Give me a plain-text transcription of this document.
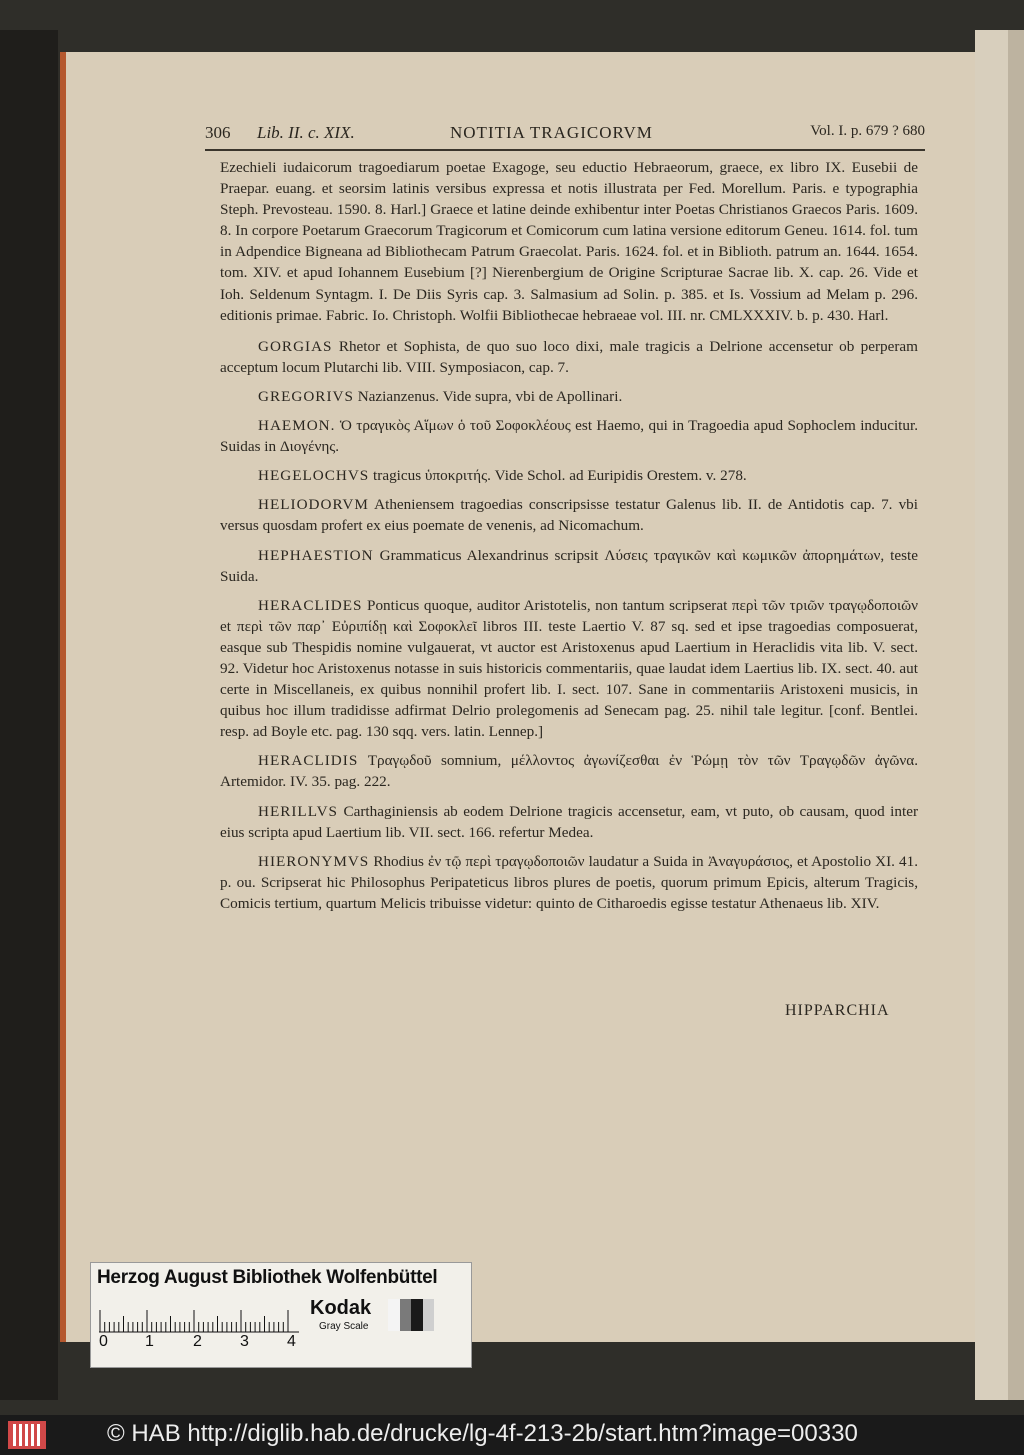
306 Lib. II. c. XIX.	NOTITIA TRAGICORVM	Vol. I. p. 679 ? 680

Ezechieli iudaicorum tragoediarum poetae Exagoge, seu eductio Hebraeorum, graece, ex libro IX. Eusebii de Praepar. euang. et seorsim latinis versibus expressa et notis illustrata per Fed. Morellum. Paris. e typographia Steph. Prevosteau. 1590. 8. Harl.] Graece et latine deinde exhibentur inter Poetas Christianos Graecos Paris. 1609. 8. In corpore Poetarum Graecorum Tragicorum et Comicorum cum latina versione editorum Geneu. 1614. fol. tum in Adpendice Bigneana ad Bibliothecam Patrum Graecolat. Paris. 1624. fol. et in Biblioth. patrum an. 1644. 1654. tom. XIV. et apud Iohannem Eusebium [?] Nierenbergium de Origine Scripturae Sacrae lib. X. cap. 26. Vide et Ioh. Seldenum Syntagm. I. De Diis Syris cap. 3. Salmasium ad Solin. p. 385. et Is. Vossium ad Melam p. 296. editionis primae. Fabric. Io. Christoph. Wolfii Bibliothecae hebraeae vol. III. nr. CMLXXXIV. b. p. 430. Harl.

GORGIAS Rhetor et Sophista, de quo suo loco dixi, male tragicis a Delrione accensetur ob perperam acceptum locum Plutarchi lib. VIII. Symposiacon, cap. 7.

GREGORIVS Nazianzenus. Vide supra, vbi de Apollinari.

HAEMON. Ὁ τραγικὸς Αἵμων ὁ τοῦ Σοφοκλέους est Haemo, qui in Tragoedia apud Sophoclem inducitur. Suidas in Διογένης.

HEGELOCHVS tragicus ὑποκριτής. Vide Schol. ad Euripidis Orestem. v. 278.

HELIODORVM Atheniensem tragoedias conscripsisse testatur Galenus lib. II. de Antidotis cap. 7. vbi versus quosdam profert ex eius poemate de venenis, ad Nicomachum.

HEPHAESTION Grammaticus Alexandrinus scripsit Λύσεις τραγικῶν καὶ κωμικῶν ἀπορημάτων, teste Suida.

HERACLIDES Ponticus quoque, auditor Aristotelis, non tantum scripserat περὶ τῶν τριῶν τραγῳδοποιῶν et περὶ τῶν παρ᾽ Εὐριπίδῃ καὶ Σοφοκλεῖ libros III. teste Laertio V. 87 sq. sed et ipse tragoedias composuerat, easque sub Thespidis nomine vulgauerat, vt auctor est Aristoxenus apud Laertium in Heraclidis vita lib. V. sect. 92. Videtur hoc Aristoxenus notasse in suis historicis commentariis, quae laudat idem Laertius lib. IX. sect. 40. aut certe in Miscellaneis, ex quibus nonnihil profert lib. I. sect. 107. Sane in commentariis Aristoxeni musicis, in quibus hoc illum tradidisse adfirmat Delrio prolegomenis ad Senecam pag. 25. nihil tale legitur. [conf. Bentlei. resp. ad Boyle etc. pag. 130 sqq. vers. latin. Lennep.]

HERACLIDIS Τραγῳδοῦ somnium, μέλλοντος ἀγωνίζεσθαι ἐν Ῥώμῃ τὸν τῶν Τραγῳδῶν ἀγῶνα. Artemidor. IV. 35. pag. 222.

HERILLVS Carthaginiensis ab eodem Delrione tragicis accensetur, eam, vt puto, ob causam, quod inter eius scripta apud Laertium lib. VII. sect. 166. refertur Medea.

HIERONYMVS Rhodius ἐν τῷ περὶ τραγῳδοποιῶν laudatur a Suida in Ἀναγυράσιος, et Apostolio XI. 41. p. ou. Scripserat hic Philosophus Peripateticus libros plures de poetis, quorum primum Epicis, alterum Tragicis, Comicis tertium, quartum Melicis tribuisse videtur: quinto de Citharoedis egisse testatur Athenaeus lib. XIV.

HIPPARCHIA
Herzog August Bibliothek Wolfenbüttel
0 1 2 3 4
Kodak
Gray Scale
© HAB http://diglib.hab.de/drucke/lg-4f-213-2b/start.htm?image=00330
